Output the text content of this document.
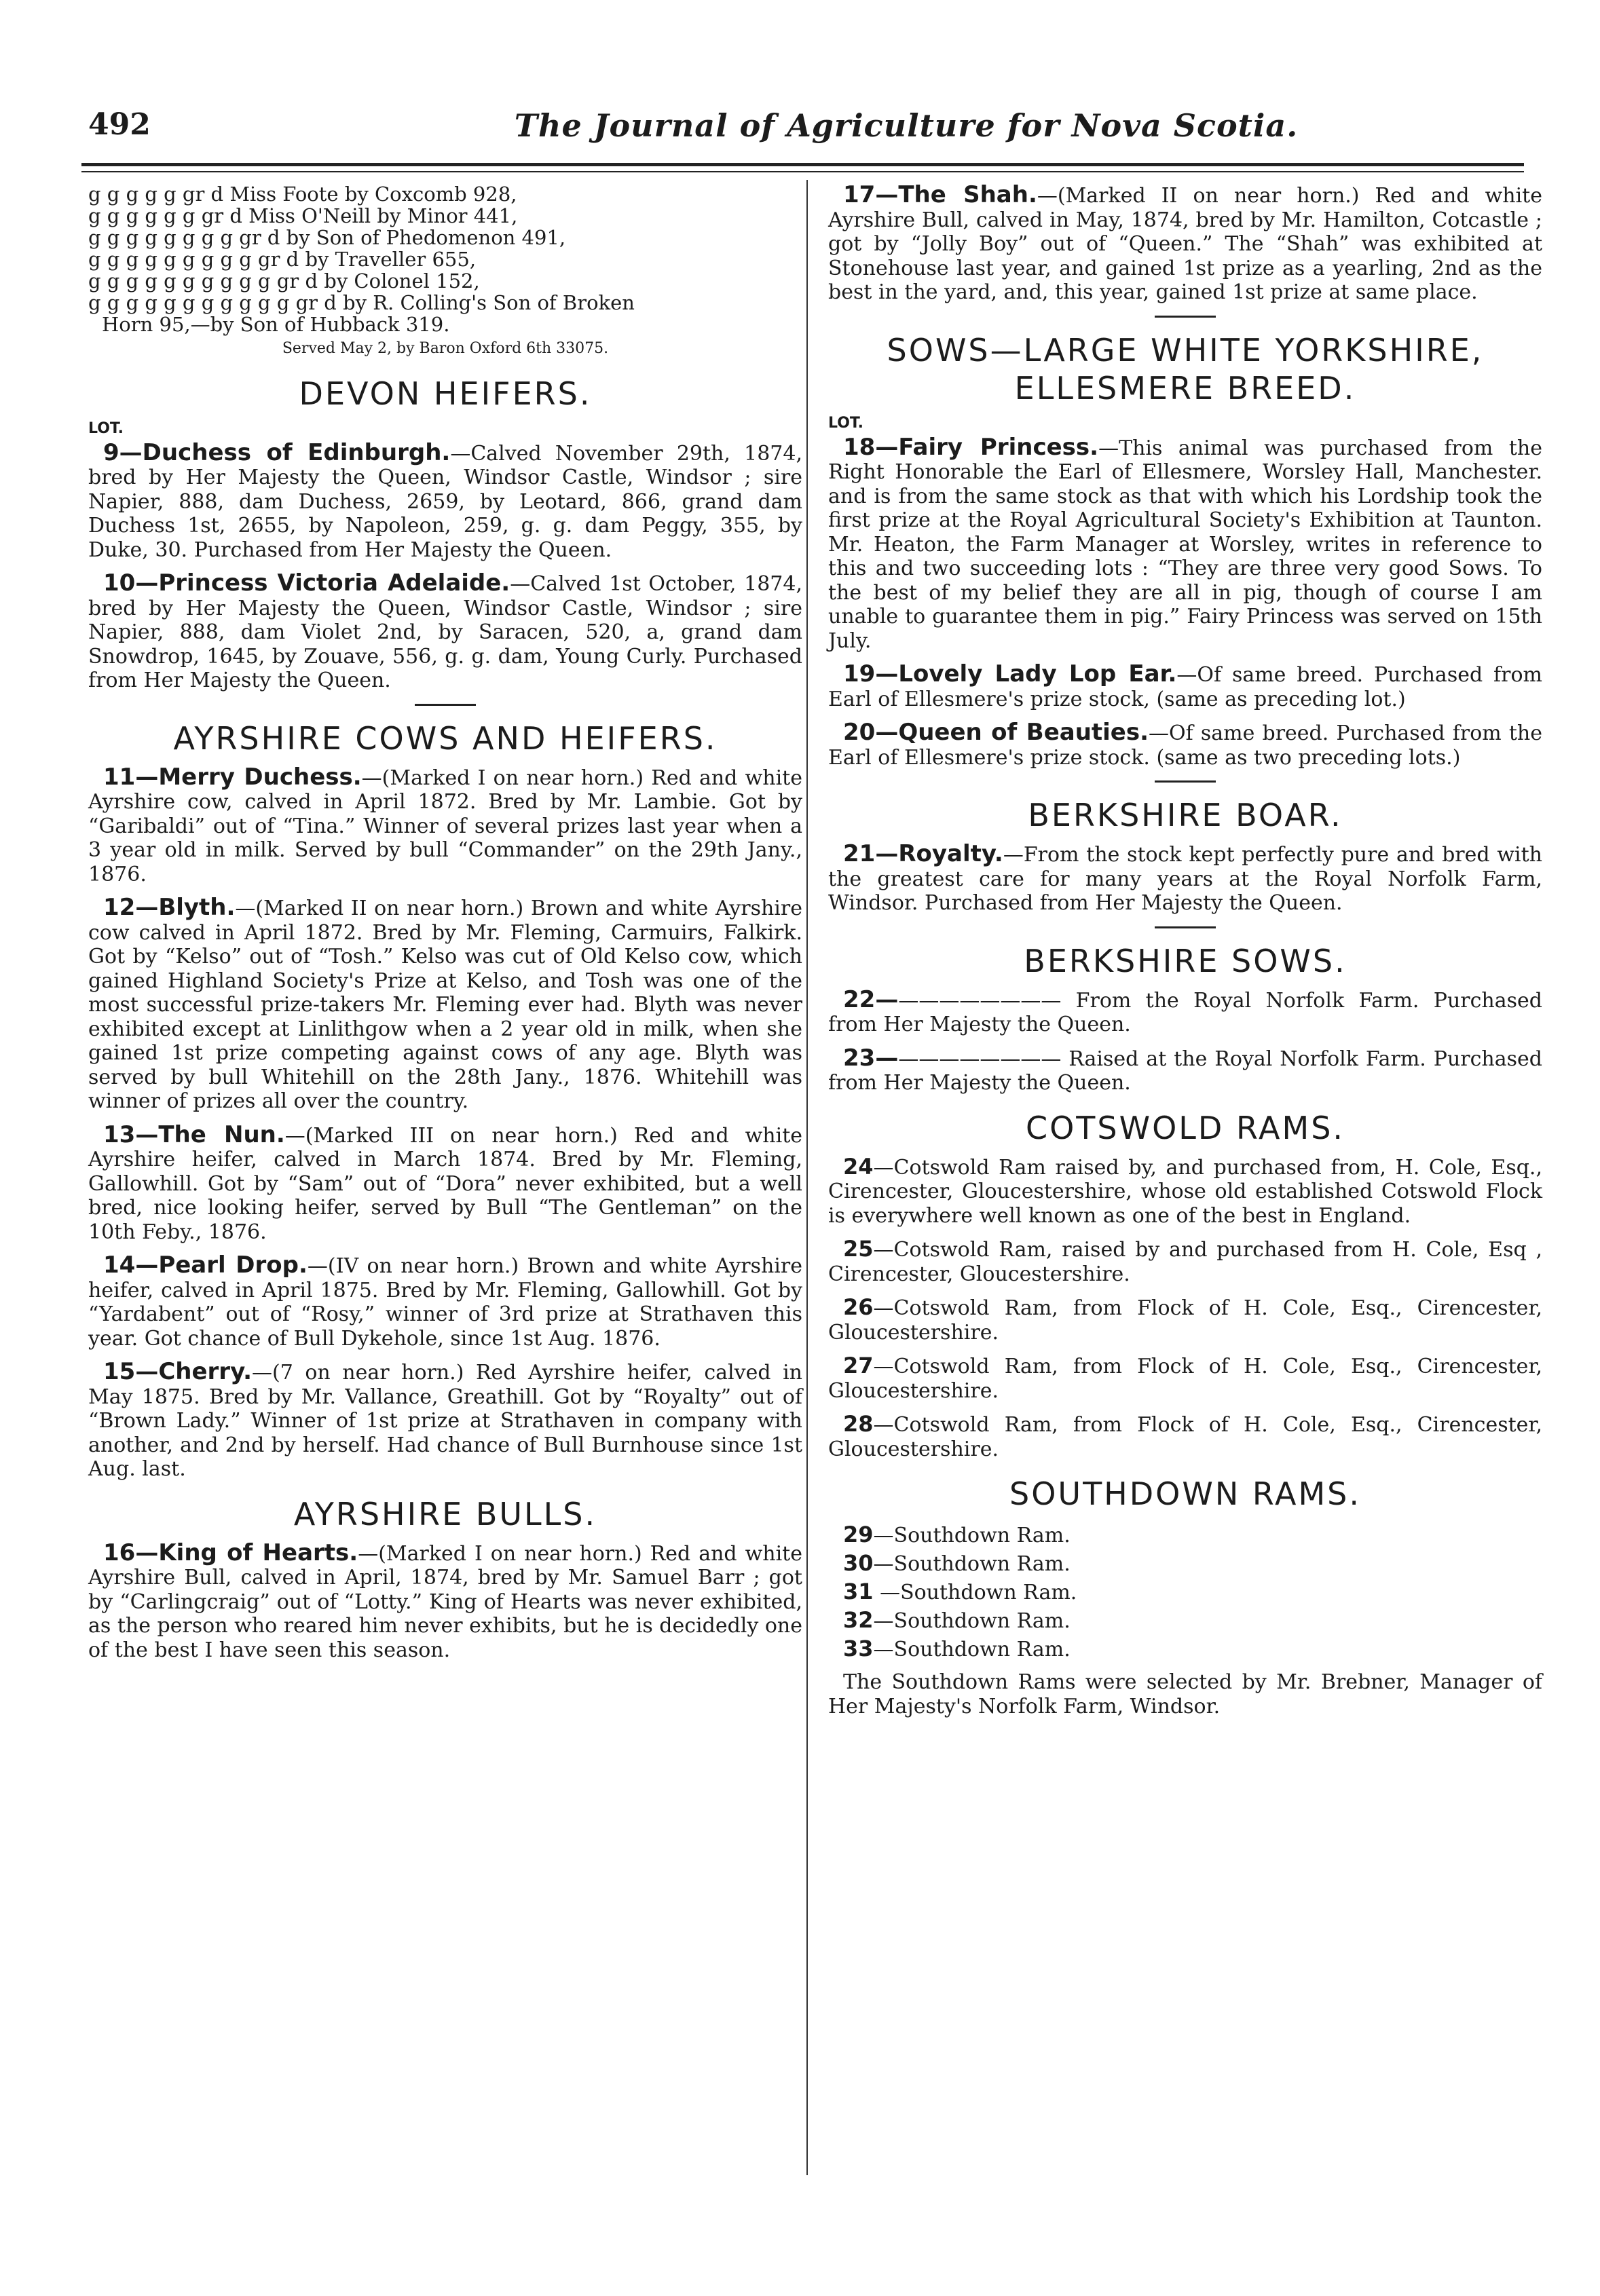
492	The Journal of Agriculture for Nova Scotia.
g g g g g gr d Miss Foote by Coxcomb 928,
g g g g g g gr d Miss O'Neill by Minor 441,
g g g g g g g g gr d by Son of Phedomenon 491,
g g g g g g g g g gr d by Traveller 655,
g g g g g g g g g g gr d by Colonel 152,
g g g g g g g g g g g gr d by R. Colling's Son of Broken
Horn 95,—by Son of Hubback 319.
Served May 2, by Baron Oxford 6th 33075.
DEVON HEIFERS.
LOT.

9—Duchess of Edinburgh.—Calved November 29th, 1874, bred by Her Majesty the Queen, Windsor Castle, Windsor ; sire Napier, 888, dam Duchess, 2659, by Leotard, 866, grand dam Duchess 1st, 2655, by Napoleon, 259, g. g. dam Peggy, 355, by Duke, 30. Purchased from Her Majesty the Queen.

10—Princess Victoria Adelaide.—Calved 1st October, 1874, bred by Her Majesty the Queen, Windsor Castle, Windsor ; sire Napier, 888, dam Violet 2nd, by Saracen, 520, a, grand dam Snowdrop, 1645, by Zouave, 556, g. g. dam, Young Curly. Purchased from Her Majesty the Queen.

AYRSHIRE COWS AND HEIFERS.

11—Merry Duchess.—(Marked I on near horn.) Red and white Ayrshire cow, calved in April 1872. Bred by Mr. Lambie. Got by “Garibaldi” out of “Tina.” Winner of several prizes last year when a 3 year old in milk. Served by bull “Commander” on the 29th Jany., 1876.

12—Blyth.—(Marked II on near horn.) Brown and white Ayrshire cow calved in April 1872. Bred by Mr. Fleming, Carmuirs, Falkirk. Got by “Kelso” out of “Tosh.” Kelso was cut of Old Kelso cow, which gained Highland Society's Prize at Kelso, and Tosh was one of the most successful prize-takers Mr. Fleming ever had. Blyth was never exhibited except at Linlithgow when a 2 year old in milk, when she gained 1st prize competing against cows of any age. Blyth was served by bull Whitehill on the 28th Jany., 1876. Whitehill was winner of prizes all over the country.

13—The Nun.—(Marked III on near horn.) Red and white Ayrshire heifer, calved in March 1874. Bred by Mr. Fleming, Gallowhill. Got by “Sam” out of “Dora” never exhibited, but a well bred, nice looking heifer, served by Bull “The Gentleman” on the 10th Feby., 1876.

14—Pearl Drop.—(IV on near horn.) Brown and white Ayrshire heifer, calved in April 1875. Bred by Mr. Fleming, Gallowhill. Got by “Yardabent” out of “Rosy,” winner of 3rd prize at Strathaven this year. Got chance of Bull Dykehole, since 1st Aug. 1876.

15—Cherry.—(7 on near horn.) Red Ayrshire heifer, calved in May 1875. Bred by Mr. Vallance, Greathill. Got by “Royalty” out of “Brown Lady.” Winner of 1st prize at Strathaven in company with another, and 2nd by herself. Had chance of Bull Burnhouse since 1st Aug. last.

AYRSHIRE BULLS.

16—King of Hearts.—(Marked I on near horn.) Red and white Ayrshire Bull, calved in April, 1874, bred by Mr. Samuel Barr ; got by “Carlingcraig” out of “Lotty.” King of Hearts was never exhibited, as the person who reared him never exhibits, but he is decidedly one of the best I have seen this season.

17—The Shah.—(Marked II on near horn.) Red and white Ayrshire Bull, calved in May, 1874, bred by Mr. Hamilton, Cotcastle ; got by “Jolly Boy” out of “Queen.” The “Shah” was exhibited at Stonehouse last year, and gained 1st prize as a yearling, 2nd as the best in the yard, and, this year, gained 1st prize at same place.

SOWS—LARGE WHITE YORKSHIRE, ELLESMERE BREED.
LOT.

18—Fairy Princess.—This animal was purchased from the Right Honorable the Earl of Ellesmere, Worsley Hall, Manchester. and is from the same stock as that with which his Lordship took the first prize at the Royal Agricultural Society's Exhibition at Taunton. Mr. Heaton, the Farm Manager at Worsley, writes in reference to this and two succeeding lots : “They are three very good Sows. To the best of my belief they are all in pig, though of course I am unable to guarantee them in pig.” Fairy Princess was served on 15th July.

19—Lovely Lady Lop Ear.—Of same breed. Purchased from Earl of Ellesmere's prize stock, (same as preceding lot.)

20—Queen of Beauties.—Of same breed. Purchased from the Earl of Ellesmere's prize stock. (same as two preceding lots.)

BERKSHIRE BOAR.

21—Royalty.—From the stock kept perfectly pure and bred with the greatest care for many years at the Royal Norfolk Farm, Windsor. Purchased from Her Majesty the Queen.

BERKSHIRE SOWS.

22————————— From the Royal Norfolk Farm. Purchased from Her Majesty the Queen.

23————————— Raised at the Royal Norfolk Farm. Purchased from Her Majesty the Queen.

COTSWOLD RAMS.

24—Cotswold Ram raised by, and purchased from, H. Cole, Esq., Cirencester, Gloucestershire, whose old established Cotswold Flock is everywhere well known as one of the best in England.

25—Cotswold Ram, raised by and purchased from H. Cole, Esq , Cirencester, Gloucestershire.

26—Cotswold Ram, from Flock of H. Cole, Esq., Cirencester, Gloucestershire.

27—Cotswold Ram, from Flock of H. Cole, Esq., Cirencester, Gloucestershire.

28—Cotswold Ram, from Flock of H. Cole, Esq., Cirencester, Gloucestershire.

SOUTHDOWN RAMS.
29—Southdown Ram.
30—Southdown Ram.
31 —Southdown Ram.
32—Southdown Ram.
33—Southdown Ram.

The Southdown Rams were selected by Mr. Brebner, Manager of Her Majesty's Norfolk Farm, Windsor.
